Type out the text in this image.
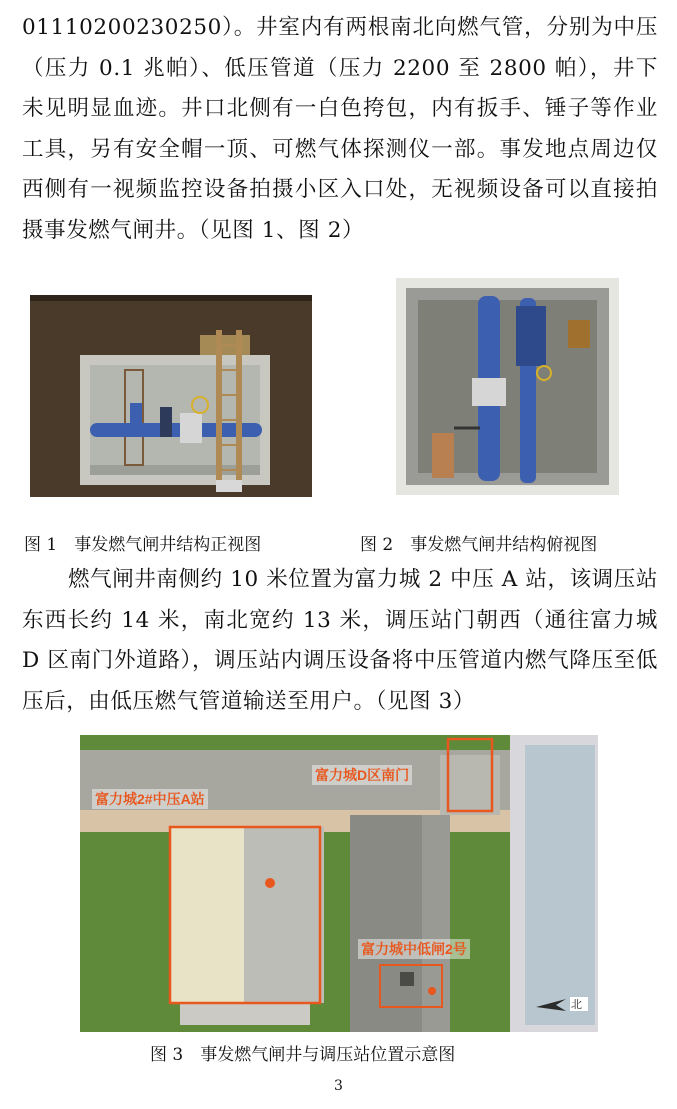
01110200230250）。井室内有两根南北向燃气管，分别为中压（压力 0.1 兆帕）、低压管道（压力 2200 至 2800 帕），井下未见明显血迹。井口北侧有一白色挎包，内有扳手、锤子等作业工具，另有安全帽一顶、可燃气体探测仪一部。事发地点周边仅西侧有一视频监控设备拍摄小区入口处，无视频设备可以直接拍摄事发燃气闸井。（见图 1、图 2）

图 1　事发燃气闸井结构正视图	图 2　事发燃气闸井结构俯视图

燃气闸井南侧约 10 米位置为富力城 2 中压 A 站，该调压站东西长约 14 米，南北宽约 13 米，调压站门朝西（通往富力城 D 区南门外道路），调压站内调压设备将中压管道内燃气降压至低压后，由低压燃气管道输送至用户。（见图 3）

富力城2#中压A站
富力城D区南门
富力城中低闸2号
北
图 3　事发燃气闸井与调压站位置示意图
3
